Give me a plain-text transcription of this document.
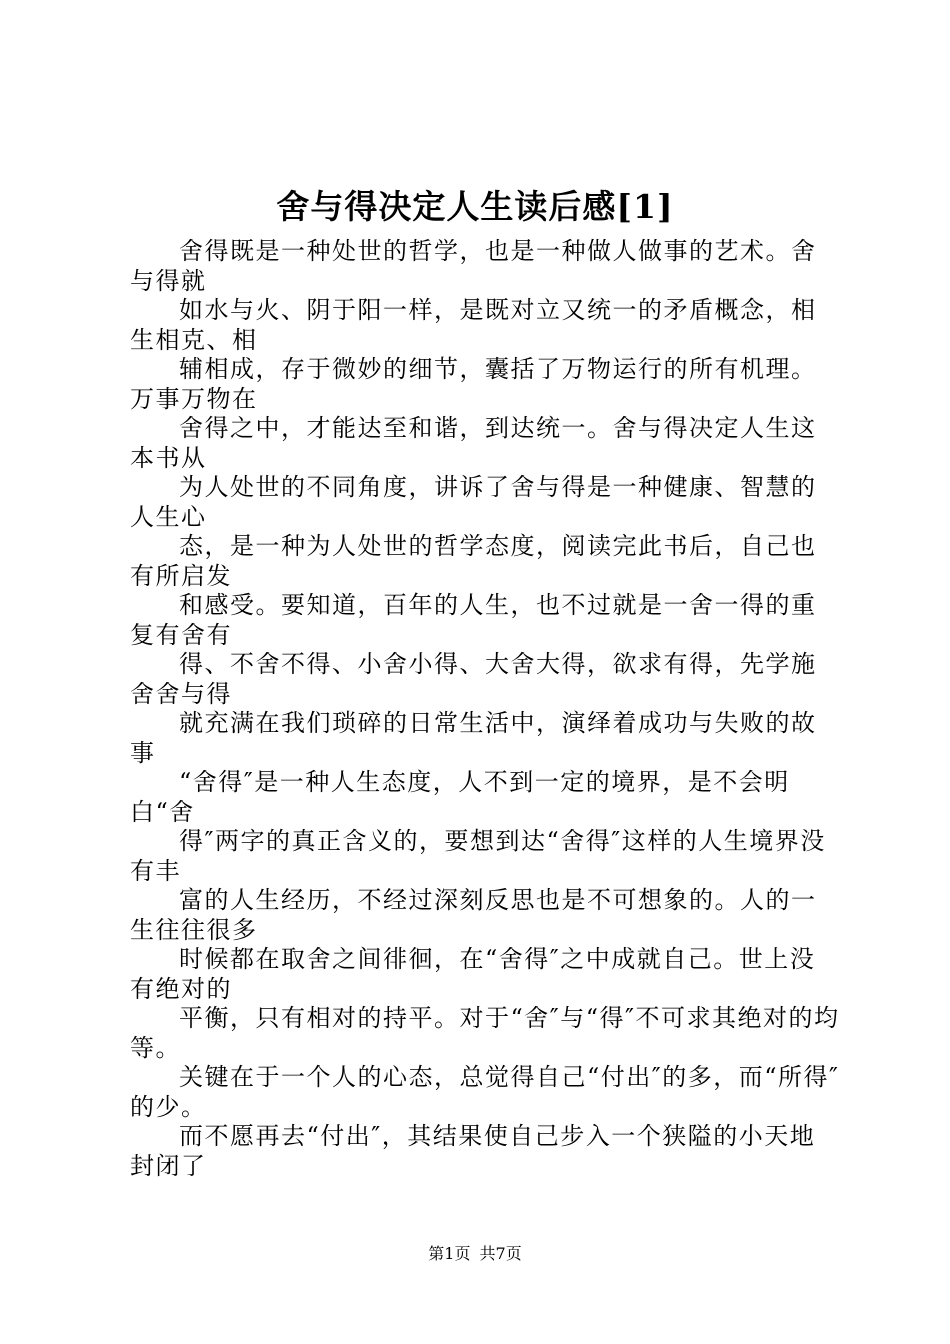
舍与得决定人生读后感[1]

舍得既是一种处世的哲学，也是一种做人做事的艺术。舍与得就

如水与火、阴于阳一样，是既对立又统一的矛盾概念，相生相克、相

辅相成，存于微妙的细节，囊括了万物运行的所有机理。万事万物在

舍得之中，才能达至和谐，到达统一。舍与得决定人生这本书从

为人处世的不同角度，讲诉了舍与得是一种健康、智慧的人生心

态，是一种为人处世的哲学态度，阅读完此书后，自己也有所启发

和感受。要知道，百年的人生，也不过就是一舍一得的重复有舍有

得、不舍不得、小舍小得、大舍大得，欲求有得，先学施舍舍与得

就充满在我们琐碎的日常生活中，演绎着成功与失败的故事

“舍得″是一种人生态度，人不到一定的境界，是不会明白“舍

得″两字的真正含义的，要想到达“舍得″这样的人生境界没有丰

富的人生经历，不经过深刻反思也是不可想象的。人的一生往往很多

时候都在取舍之间徘徊，在“舍得″之中成就自己。世上没有绝对的

平衡，只有相对的持平。对于“舍″与“得″不可求其绝对的均等。

关键在于一个人的心态，总觉得自己“付出″的多，而“所得″的少。

而不愿再去“付出″，其结果使自己步入一个狭隘的小天地封闭了

第1页 共7页
